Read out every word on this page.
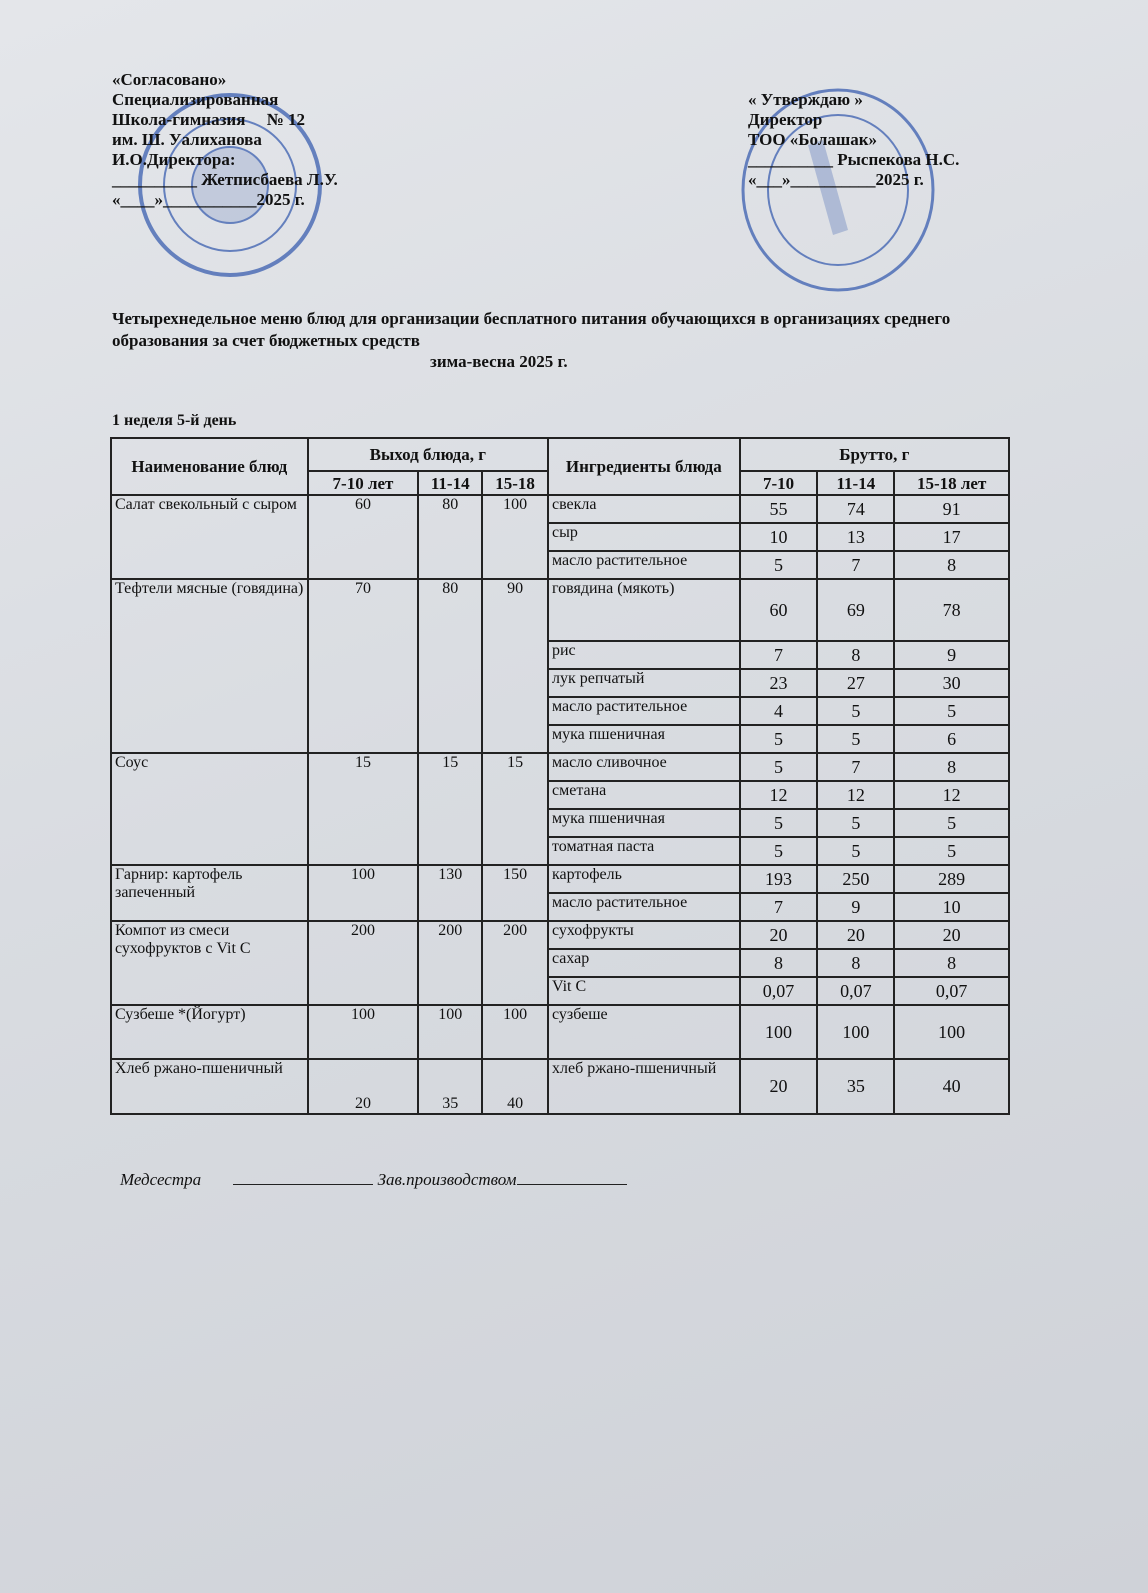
«Согласовано»
Специализированная
Школа-гимназия     № 12
им. Ш. Уалиханова
И.О.Директора:
__________ Жетписбаева Л.У.
«____»___________2025 г.
« Утверждаю »
Директор
ТОО «Болашак»
__________ Рыспекова Н.С.
«___»__________2025 г.
Четырехнедельное меню блюд для организации бесплатного питания обучающихся в организациях среднего образования за счет бюджетных средств
зима-весна 2025 г.
1 неделя 5-й день
Наименование блюд	Выход блюда, г			Ингредиенты блюда	Брутто, г		
	7-10 лет	11-14	15-18		7-10	11-14	15-18 лет
Салат свекольный с сыром	60	80	100	свекла	55	74	91
				сыр	10	13	17
				масло растительное	5	7	8
Тефтели мясные (говядина)	70	80	90	говядина (мякоть)	60	69	78
				рис	7	8	9
				лук репчатый	23	27	30
				масло растительное	4	5	5
				мука пшеничная	5	5	6
Соус	15	15	15	масло сливочное	5	7	8
				сметана	12	12	12
				мука пшеничная	5	5	5
				томатная паста	5	5	5
Гарнир: картофель запеченный	100	130	150	картофель	193	250	289
				масло растительное	7	9	10
Компот из смеси сухофруктов с Vit C	200	200	200	сухофрукты	20	20	20
				сахар	8	8	8
				Vit C	0,07	0,07	0,07
Сузбеше *(Йогурт)	100	100	100	сузбеше	100	100	100
Хлеб ржано-пшеничный	20	35	40	хлеб ржано-пшеничный	20	35	40
Медсестра	Зав.производством
